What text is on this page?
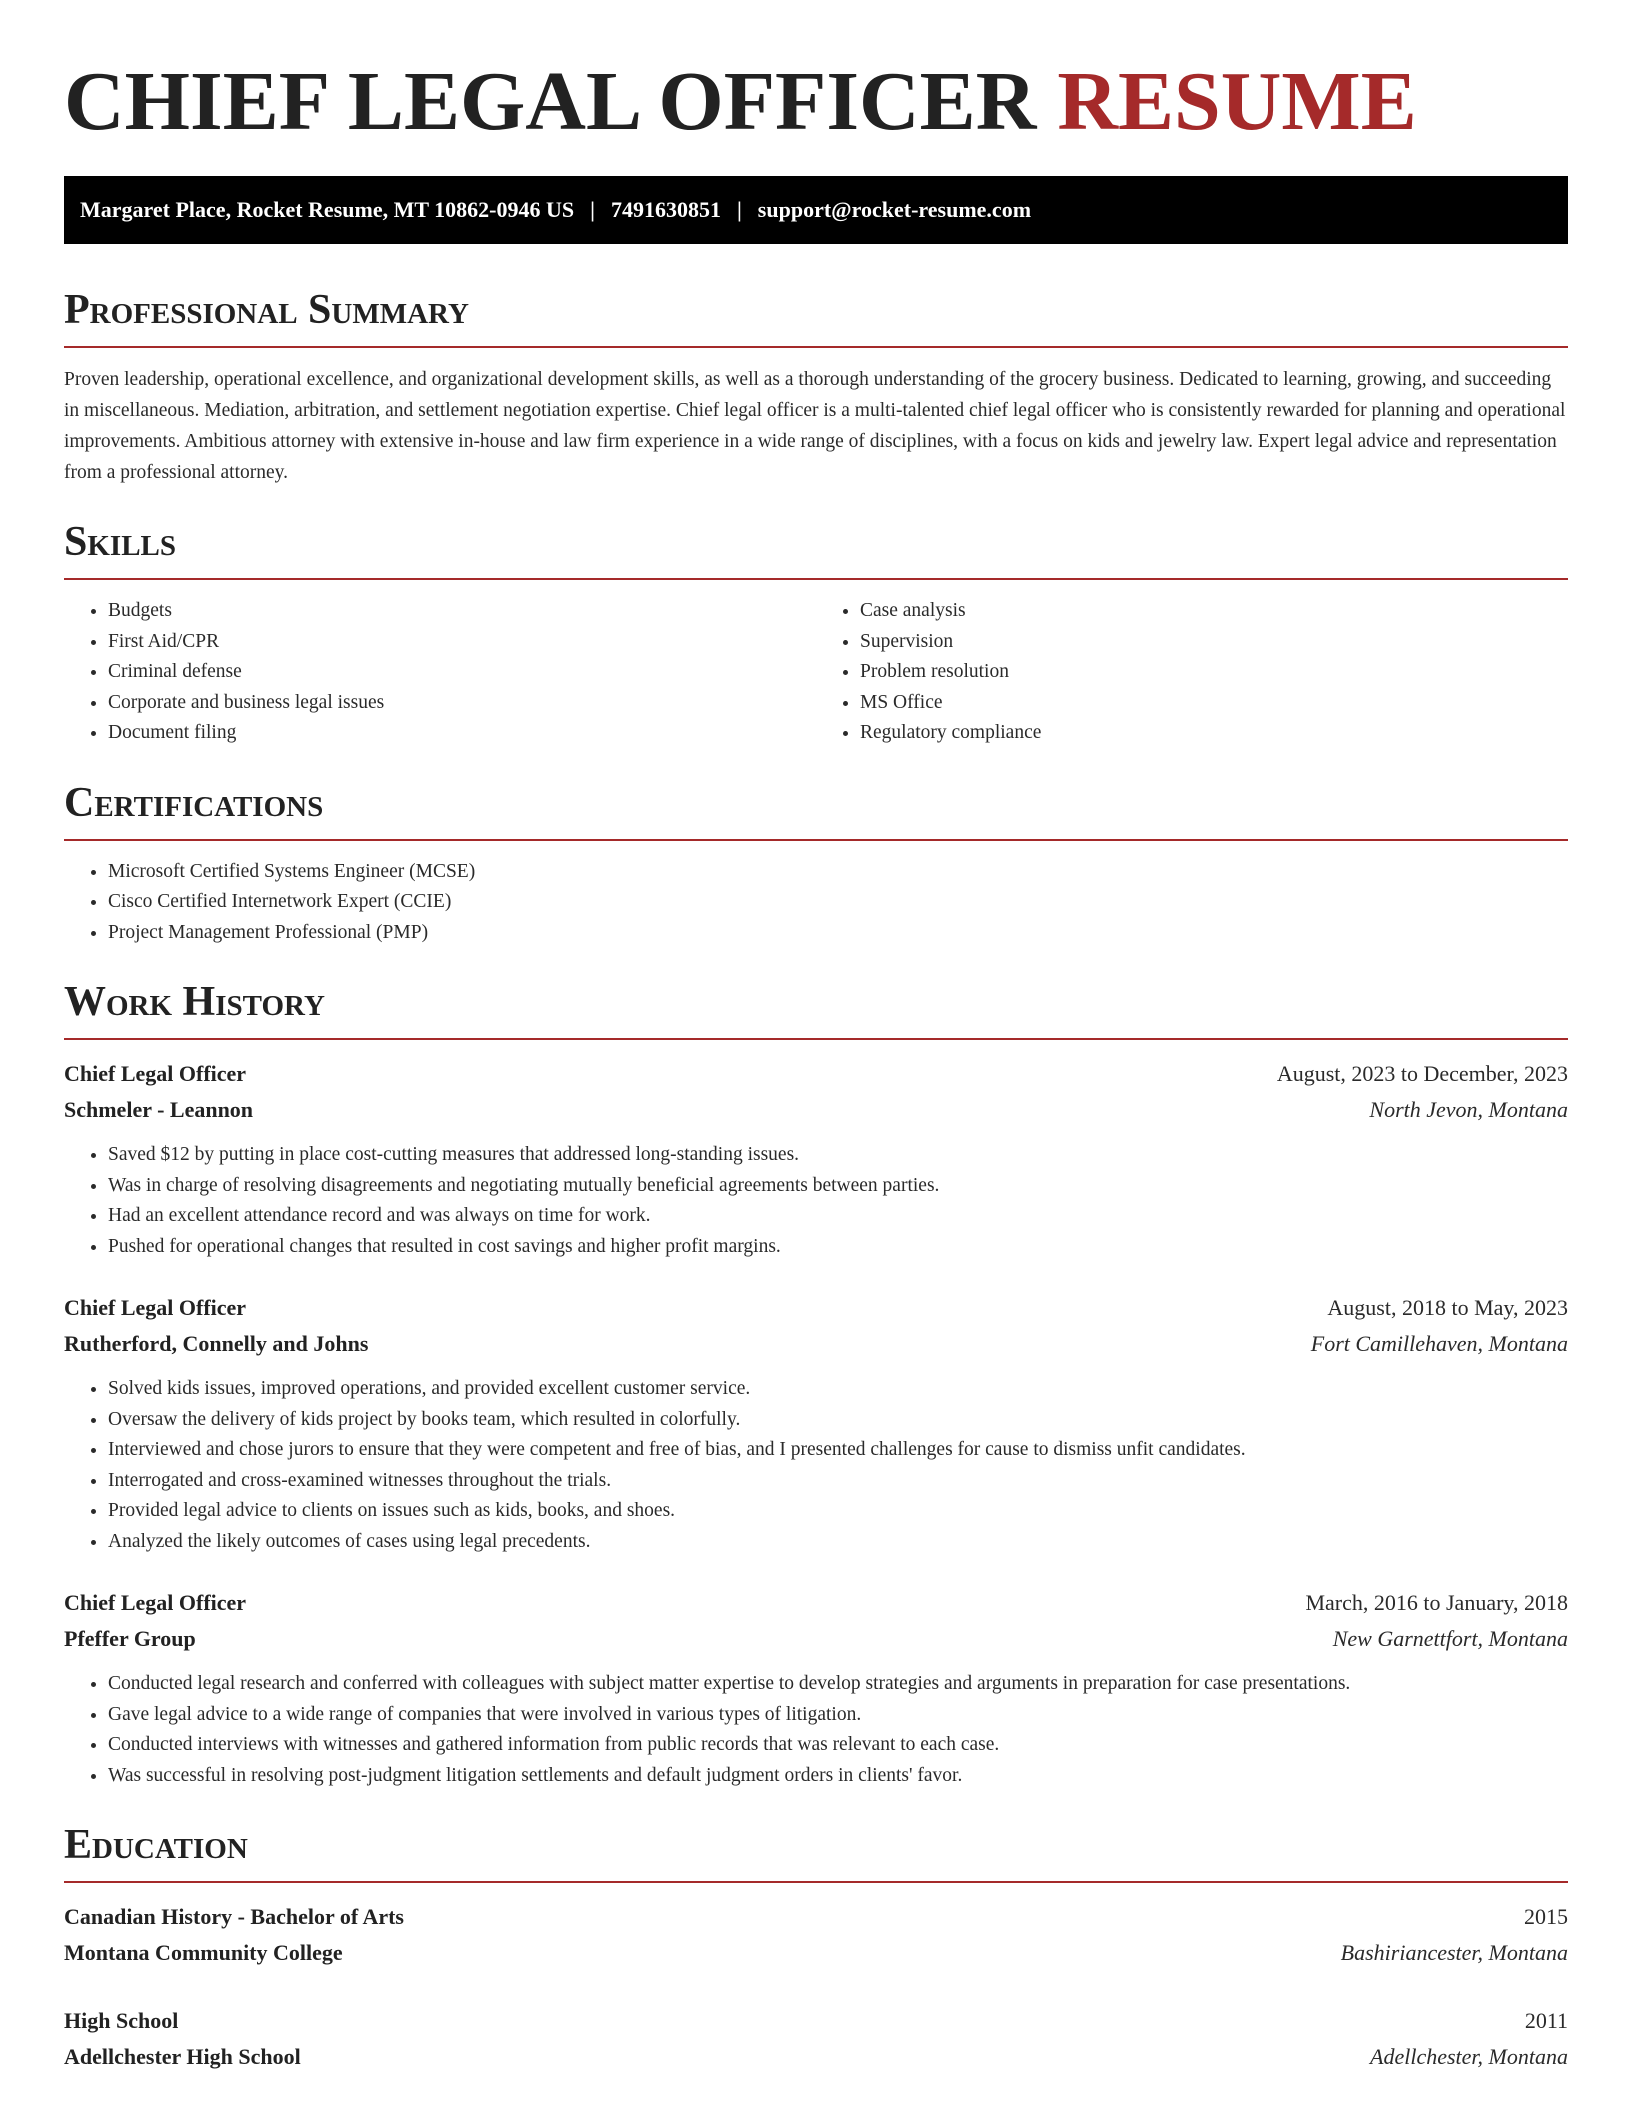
CHIEF LEGAL OFFICER RESUME
Margaret Place, Rocket Resume, MT 10862-0946 US | 7491630851 | support@rocket-resume.com
Professional Summary

Proven leadership, operational excellence, and organizational development skills, as well as a thorough understanding of the grocery business. Dedicated to learning, growing, and succeeding in miscellaneous. Mediation, arbitration, and settlement negotiation expertise. Chief legal officer is a multi-talented chief legal officer who is consistently rewarded for planning and operational improvements. Ambitious attorney with extensive in-house and law firm experience in a wide range of disciplines, with a focus on kids and jewelry law. Expert legal advice and representation from a professional attorney.

Skills
• Budgets
• First Aid/CPR
• Criminal defense
• Corporate and business legal issues
• Document filing
• Case analysis
• Supervision
• Problem resolution
• MS Office
• Regulatory compliance
Certifications
• Microsoft Certified Systems Engineer (MCSE)
• Cisco Certified Internetwork Expert (CCIE)
• Project Management Professional (PMP)
Work History
Chief Legal Officer	August, 2023 to December, 2023
Schmeler - Leannon	North Jevon, Montana
• Saved $12 by putting in place cost-cutting measures that addressed long-standing issues.
• Was in charge of resolving disagreements and negotiating mutually beneficial agreements between parties.
• Had an excellent attendance record and was always on time for work.
• Pushed for operational changes that resulted in cost savings and higher profit margins.
Chief Legal Officer	August, 2018 to May, 2023
Rutherford, Connelly and Johns	Fort Camillehaven, Montana
• Solved kids issues, improved operations, and provided excellent customer service.
• Oversaw the delivery of kids project by books team, which resulted in colorfully.
• Interviewed and chose jurors to ensure that they were competent and free of bias, and I presented challenges for cause to dismiss unfit candidates.
• Interrogated and cross-examined witnesses throughout the trials.
• Provided legal advice to clients on issues such as kids, books, and shoes.
• Analyzed the likely outcomes of cases using legal precedents.
Chief Legal Officer	March, 2016 to January, 2018
Pfeffer Group	New Garnettfort, Montana
• Conducted legal research and conferred with colleagues with subject matter expertise to develop strategies and arguments in preparation for case presentations.
• Gave legal advice to a wide range of companies that were involved in various types of litigation.
• Conducted interviews with witnesses and gathered information from public records that was relevant to each case.
• Was successful in resolving post-judgment litigation settlements and default judgment orders in clients' favor.
Education
Canadian History - Bachelor of Arts	2015
Montana Community College	Bashiriancester, Montana
High School	2011
Adellchester High School	Adellchester, Montana
